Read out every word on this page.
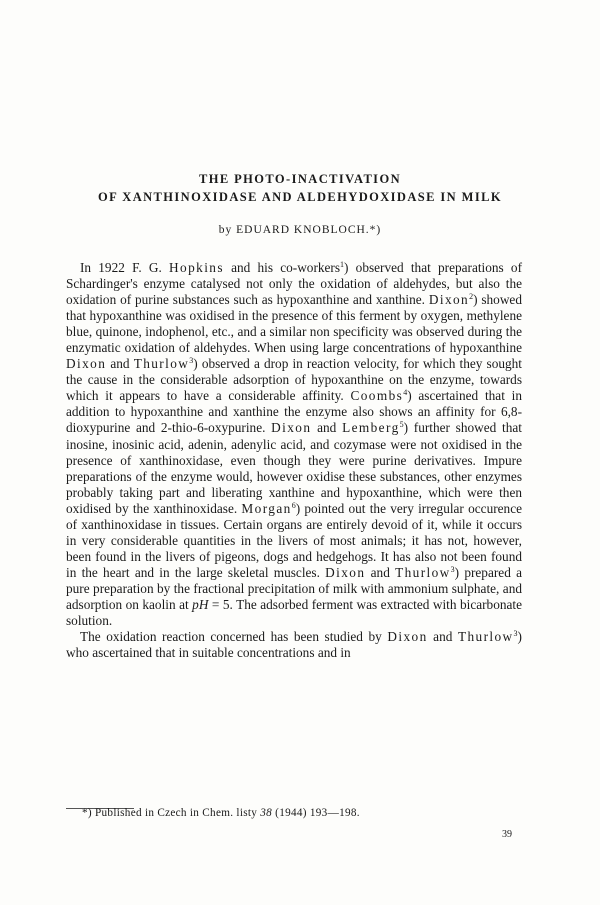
THE PHOTO-INACTIVATION
OF XANTHINOXIDASE AND ALDEHYDOXIDASE IN MILK
by EDUARD KNOBLOCH.*)

In 1922 F. G. Hopkins and his co-workers$^1$) observed that preparations of Schardinger's enzyme catalysed not only the oxidation of aldehydes, but also the oxidation of purine substances such as hypoxanthine and xanthine. Dixon$^2$) showed that hypoxanthine was oxidised in the presence of this ferment by oxygen, methylene blue, quinone, indophenol, etc., and a similar non specificity was observed during the enzymatic oxidation of aldehydes. When using large concentrations of hypoxanthine Dixon and Thurlow$^3$) observed a drop in reaction velocity, for which they sought the cause in the considerable adsorption of hypoxanthine on the enzyme, towards which it appears to have a considerable affinity. Coombs$^4$) ascertained that in addition to hypoxanthine and xanthine the enzyme also shows an affinity for 6,8-dioxypurine and 2-thio-6-oxypurine. Dixon and Lemberg$^5$) further showed that inosine, inosinic acid, adenin, adenylic acid, and cozymase were not oxidised in the presence of xanthinoxidase, even though they were purine derivatives. Impure preparations of the enzyme would, however oxidise these substances, other enzymes probably taking part and liberating xanthine and hypoxanthine, which were then oxidised by the xanthinoxidase. Morgan$^6$) pointed out the very irregular occurence of xanthinoxidase in tissues. Certain organs are entirely devoid of it, while it occurs in very considerable quantities in the livers of most animals; it has not, however, been found in the livers of pigeons, dogs and hedgehogs. It has also not been found in the heart and in the large skeletal muscles. Dixon and Thurlow$^3$) prepared a pure preparation by the fractional precipitation of milk with ammonium sulphate, and adsorption on kaolin at pH = 5. The adsorbed ferment was extracted with bicarbonate solution.

The oxidation reaction concerned has been studied by Dixon and Thurlow$^3$) who ascertained that in suitable concentrations and in

*) Published in Czech in Chem. listy 38 (1944) 193—198.
39
